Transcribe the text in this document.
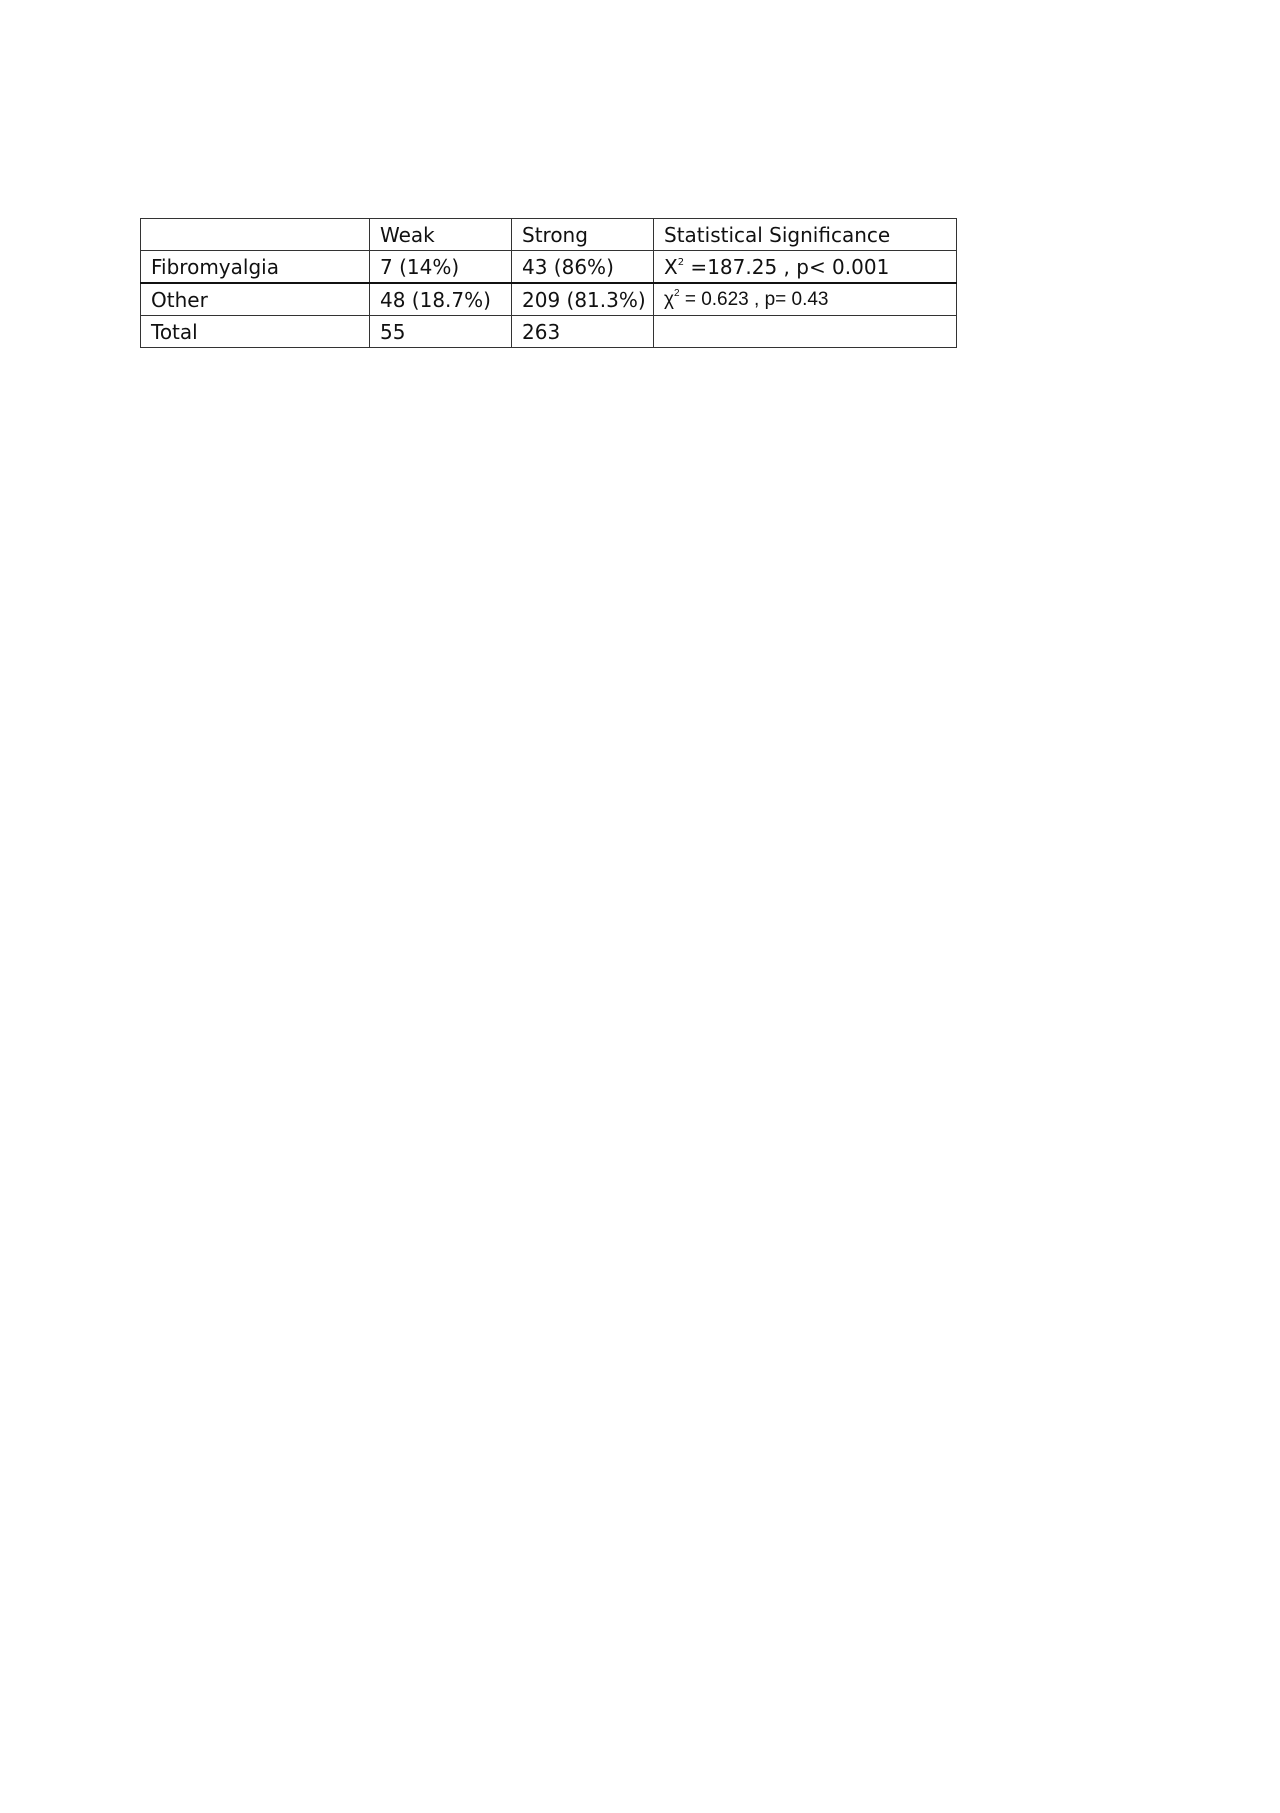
	Weak	Strong	Statistical Significance
Fibromyalgia	7 (14%)	43 (86%)	$X^2 =187.25$ , p< 0.001
Other	48 (18.7%)	209 (81.3%)	$\chi^2 = 0.623$ , p= 0.43
Total	55	263	
